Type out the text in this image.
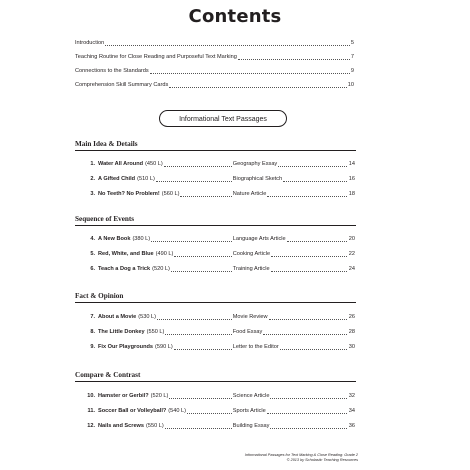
Contents
Introduction	5
Teaching Routine for Close Reading and Purposeful Text Marking	7
Connections to the Standards	9
Comprehension Skill Summary Cards	10
Informational Text Passages
Main Idea & Details
1. Water All Around (450 L)	Geography Essay	14
2. A Gifted Child (510 L)	Biographical Sketch	16
3. No Teeth? No Problem! (560 L)	Nature Article	18
Sequence of Events
4. A New Book (380 L)	Language Arts Article	20
5. Red, White, and Blue (490 L)	Cooking Article	22
6. Teach a Dog a Trick (520 L)	Training Article	24
Fact & Opinion
7. About a Movie (530 L)	Movie Review	26
8. The Little Donkey (550 L)	Food Essay	28
9. Fix Our Playgrounds (590 L)	Letter to the Editor	30
Compare & Contrast
10. Hamster or Gerbil? (520 L)	Science Article	32
11. Soccer Ball or Volleyball? (540 L)	Sports Article	34
12. Nails and Screws (550 L)	Building Essay	36
Informational Passages for Text Marking & Close Reading: Grade 2
© 2013 by Scholastic Teaching Resources
